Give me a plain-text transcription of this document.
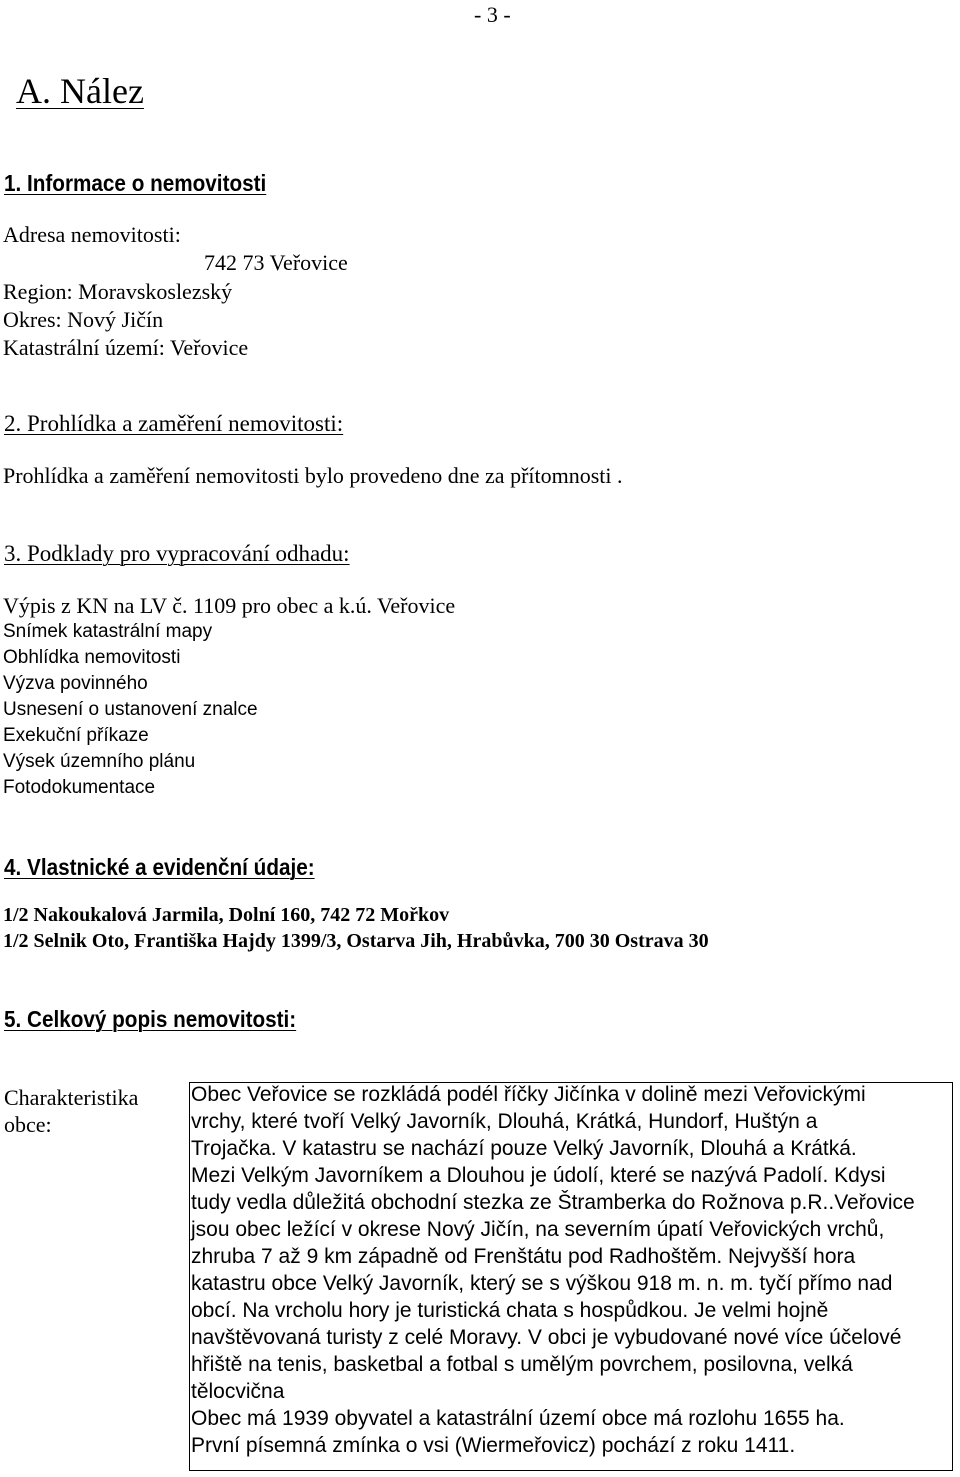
- 3 -
A. Nález
1. Informace o nemovitosti
Adresa nemovitosti:
742 73 Veřovice
Region: Moravskoslezský
Okres: Nový Jičín
Katastrální území: Veřovice
2. Prohlídka a zaměření nemovitosti:
Prohlídka a zaměření nemovitosti bylo provedeno dne za přítomnosti .
3. Podklady pro vypracování odhadu:
Výpis z KN na LV č. 1109 pro obec a k.ú. Veřovice
Snímek katastrální mapy
Obhlídka nemovitosti
Výzva povinného
Usnesení o ustanovení znalce
Exekuční příkaze
Výsek územního plánu
Fotodokumentace
4. Vlastnické a evidenční údaje:
1/2 Nakoukalová Jarmila, Dolní 160, 742 72 Mořkov
1/2 Selnik Oto, Františka Hajdy 1399/3, Ostarva Jih, Hrabůvka, 700 30 Ostrava 30
5. Celkový popis nemovitosti:
Charakteristika obce:
Obec Veřovice se rozkládá podél říčky Jičínka v dolině mezi Veřovickými
vrchy, které tvoří Velký Javorník, Dlouhá, Krátká, Hundorf, Huštýn a
Trojačka. V katastru se nachází pouze Velký Javorník, Dlouhá a Krátká.
Mezi Velkým Javorníkem a Dlouhou je údolí, které se nazývá Padolí. Kdysi
tudy vedla důležitá obchodní stezka ze Štramberka do Rožnova p.R..Veřovice
jsou obec ležící v okrese Nový Jičín, na severním úpatí Veřovických vrchů,
zhruba 7 až 9 km západně od Frenštátu pod Radhoštěm. Nejvyšší hora
katastru obce Velký Javorník, který se s výškou 918 m. n. m. tyčí přímo nad
obcí. Na vrcholu hory je turistická chata s hospůdkou. Je velmi hojně
navštěvovaná turisty z celé Moravy. V obci je vybudované nové více účelové
hřiště na tenis, basketbal a fotbal s umělým povrchem, posilovna, velká
tělocvična
Obec má 1939 obyvatel a katastrální území obce má rozlohu 1655 ha.
První písemná zmínka o vsi (Wiermeřovicz) pochází z roku 1411.
